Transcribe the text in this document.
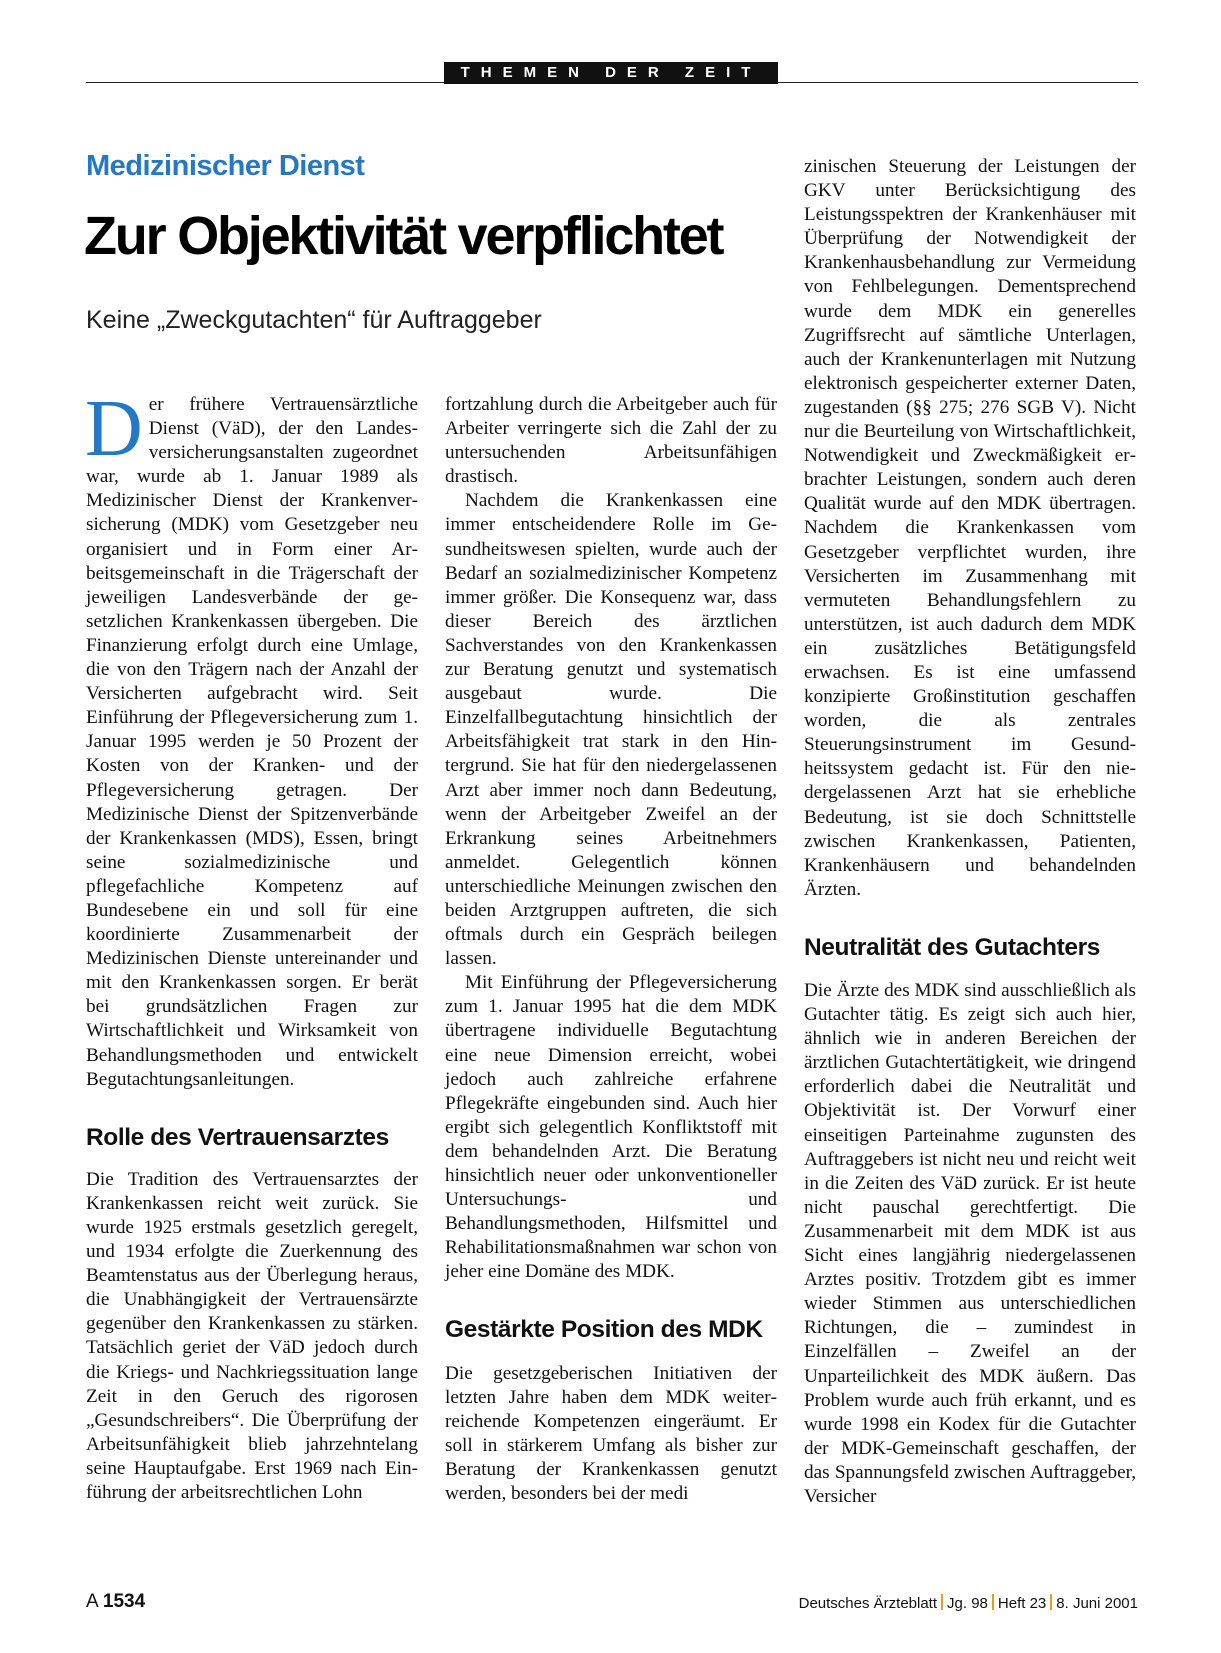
THEMEN DER ZEIT
Medizinischer Dienst
Zur Objektivität verpflichtet
Keine „Zweckgutachten“ für Auftraggeber

Der frühere Vertrauensärztliche Dienst (VäD), der den Landesversicherungsanstalten zugeordnet war, wurde ab 1. Januar 1989 als Medizinischer Dienst der Krankenversicherung (MDK) vom Gesetzgeber neu organisiert und in Form einer Arbeitsgemeinschaft in die Trägerschaft der jeweiligen Landesverbände der gesetzlichen Krankenkassen übergeben. Die Finanzierung erfolgt durch eine Umlage, die von den Trägern nach der Anzahl der Versicherten aufgebracht wird. Seit Einführung der Pflegeversicherung zum 1. Januar 1995 werden je 50 Prozent der Kosten von der Kranken- und der Pflegeversicherung getragen. Der Medizinische Dienst der Spitzenverbände der Krankenkassen (MDS), Essen, bringt seine sozialmedizinische und pflegefachliche Kompetenz auf Bundesebene ein und soll für eine koordinierte Zusammenarbeit der Medizinischen Dienste untereinander und mit den Krankenkassen sorgen. Er berät bei grundsätzlichen Fragen zur Wirtschaftlichkeit und Wirksamkeit von Behandlungsmethoden und entwickelt Begutachtungsanleitungen.

Rolle des Vertrauensarztes

Die Tradition des Vertrauensarztes der Krankenkassen reicht weit zurück. Sie wurde 1925 erstmals gesetzlich geregelt, und 1934 erfolgte die Zuerkennung des Beamtenstatus aus der Überlegung heraus, die Unabhängigkeit der Vertrauensärzte gegenüber den Krankenkassen zu stärken. Tatsächlich geriet der VäD jedoch durch die Kriegs- und Nachkriegssituation lange Zeit in den Geruch des rigorosen „Gesundschreibers“. Die Überprüfung der Arbeitsunfähigkeit blieb jahrzehntelang seine Hauptaufgabe. Erst 1969 nach Einführung der arbeitsrechtlichen Lohn

fortzahlung durch die Arbeitgeber auch für Arbeiter verringerte sich die Zahl der zu untersuchenden Arbeitsunfähigen drastisch.

Nachdem die Krankenkassen eine immer entscheidendere Rolle im Gesundheitswesen spielten, wurde auch der Bedarf an sozialmedizinischer Kompetenz immer größer. Die Konsequenz war, dass dieser Bereich des ärztlichen Sachverstandes von den Krankenkassen zur Beratung genutzt und systematisch ausgebaut wurde. Die Einzelfallbegutachtung hinsichtlich der Arbeitsfähigkeit trat stark in den Hintergrund. Sie hat für den niedergelassenen Arzt aber immer noch dann Bedeutung, wenn der Arbeitgeber Zweifel an der Erkrankung seines Arbeitnehmers anmeldet. Gelegentlich können unterschiedliche Meinungen zwischen den beiden Arztgruppen auftreten, die sich oftmals durch ein Gespräch beilegen lassen.

Mit Einführung der Pflegeversicherung zum 1. Januar 1995 hat die dem MDK übertragene individuelle Begutachtung eine neue Dimension erreicht, wobei jedoch auch zahlreiche erfahrene Pflegekräfte eingebunden sind. Auch hier ergibt sich gelegentlich Konfliktstoff mit dem behandelnden Arzt. Die Beratung hinsichtlich neuer oder unkonventioneller Untersuchungs- und Behandlungsmethoden, Hilfsmittel und Rehabilitationsmaßnahmen war schon von jeher eine Domäne des MDK.

Gestärkte Position des MDK

Die gesetzgeberischen Initiativen der letzten Jahre haben dem MDK weiterreichende Kompetenzen eingeräumt. Er soll in stärkerem Umfang als bisher zur Beratung der Krankenkassen genutzt werden, besonders bei der medi

zinischen Steuerung der Leistungen der GKV unter Berücksichtigung des Leistungsspektren der Krankenhäuser mit Überprüfung der Notwendigkeit der Krankenhausbehandlung zur Vermeidung von Fehlbelegungen. Dementsprechend wurde dem MDK ein generelles Zugriffsrecht auf sämtliche Unterlagen, auch der Krankenunterlagen mit Nutzung elektronisch gespeicherter externer Daten, zugestanden (§§ 275; 276 SGB V). Nicht nur die Beurteilung von Wirtschaftlichkeit, Notwendigkeit und Zweckmäßigkeit erbrachter Leistungen, sondern auch deren Qualität wurde auf den MDK übertragen. Nachdem die Krankenkassen vom Gesetzgeber verpflichtet wurden, ihre Versicherten im Zusammenhang mit vermuteten Behandlungsfehlern zu unterstützen, ist auch dadurch dem MDK ein zusätzliches Betätigungsfeld erwachsen. Es ist eine umfassend konzipierte Großinstitution geschaffen worden, die als zentrales Steuerungsinstrument im Gesundheitssystem gedacht ist. Für den niedergelassenen Arzt hat sie erhebliche Bedeutung, ist sie doch Schnittstelle zwischen Krankenkassen, Patienten, Krankenhäusern und behandelnden Ärzten.

Neutralität des Gutachters

Die Ärzte des MDK sind ausschließlich als Gutachter tätig. Es zeigt sich auch hier, ähnlich wie in anderen Bereichen der ärztlichen Gutachtertätigkeit, wie dringend erforderlich dabei die Neutralität und Objektivität ist. Der Vorwurf einer einseitigen Parteinahme zugunsten des Auftraggebers ist nicht neu und reicht weit in die Zeiten des VäD zurück. Er ist heute nicht pauschal gerechtfertigt. Die Zusammenarbeit mit dem MDK ist aus Sicht eines langjährig niedergelassenen Arztes positiv. Trotzdem gibt es immer wieder Stimmen aus unterschiedlichen Richtungen, die – zumindest in Einzelfällen – Zweifel an der Unparteilichkeit des MDK äußern. Das Problem wurde auch früh erkannt, und es wurde 1998 ein Kodex für die Gutachter der MDK-Gemeinschaft geschaffen, der das Spannungsfeld zwischen Auftraggeber, Versicher

A 1534	Deutsches Ärzteblatt Jg. 98 Heft 23 8. Juni 2001
